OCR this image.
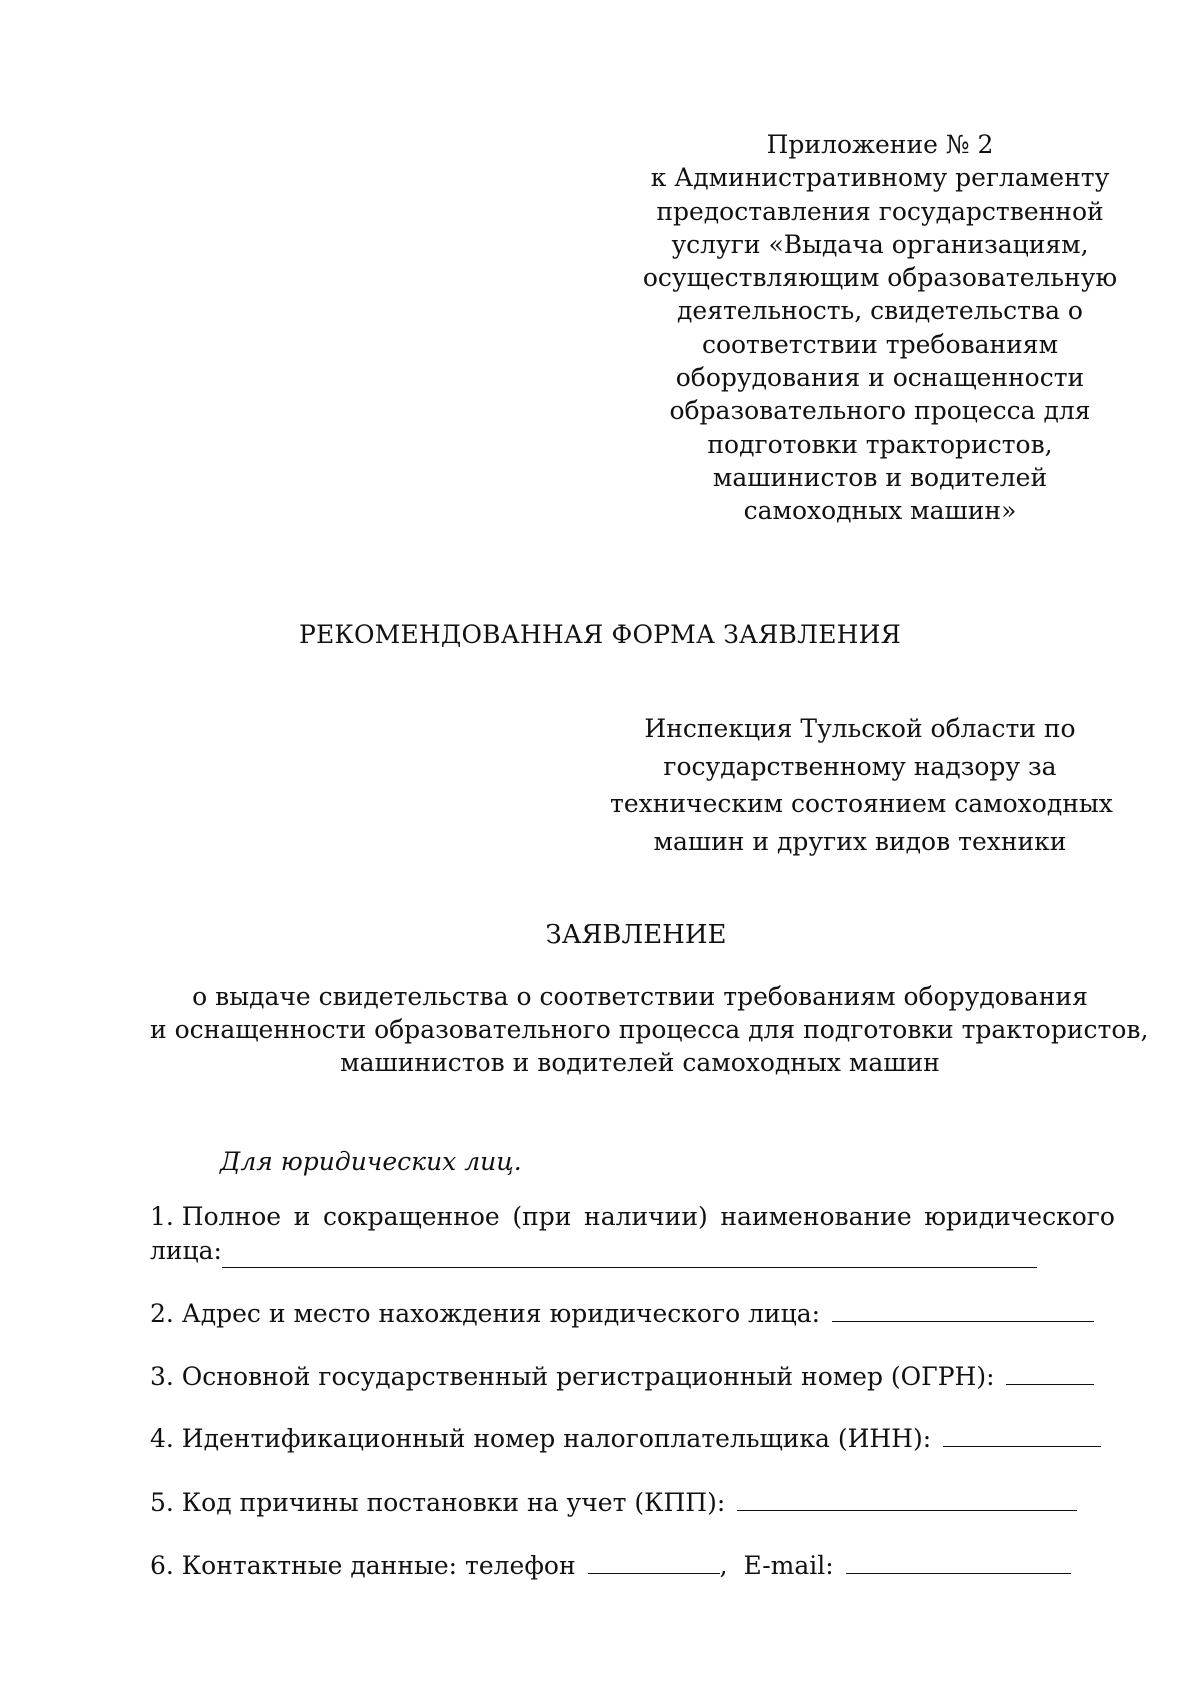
Приложение № 2
к Административному регламенту
предоставления государственной
услуги «Выдача организациям,
осуществляющим образовательную
деятельность, свидетельства о
соответствии требованиям
оборудования и оснащенности
образовательного процесса для
подготовки трактористов,
машинистов и водителей
самоходных машин»
РЕКОМЕНДОВАННАЯ ФОРМА ЗАЯВЛЕНИЯ
Инспекция Тульской области по
государственному надзору за
техническим состоянием самоходных
машин и других видов техники
ЗАЯВЛЕНИЕ
о выдаче свидетельства о соответствии требованиям оборудования
и оснащенности образовательного процесса для подготовки трактористов,
машинистов и водителей самоходных машин
Для юридических лиц.
1. Полное и сокращенное (при наличии) наименование юридического
лица:
2. Адрес и место нахождения юридического лица:
3. Основной государственный регистрационный номер (ОГРН):
4. Идентификационный номер налогоплательщика (ИНН):
5. Код причины постановки на учет (КПП):
6. Контактные данные: телефон	, E-mail:
